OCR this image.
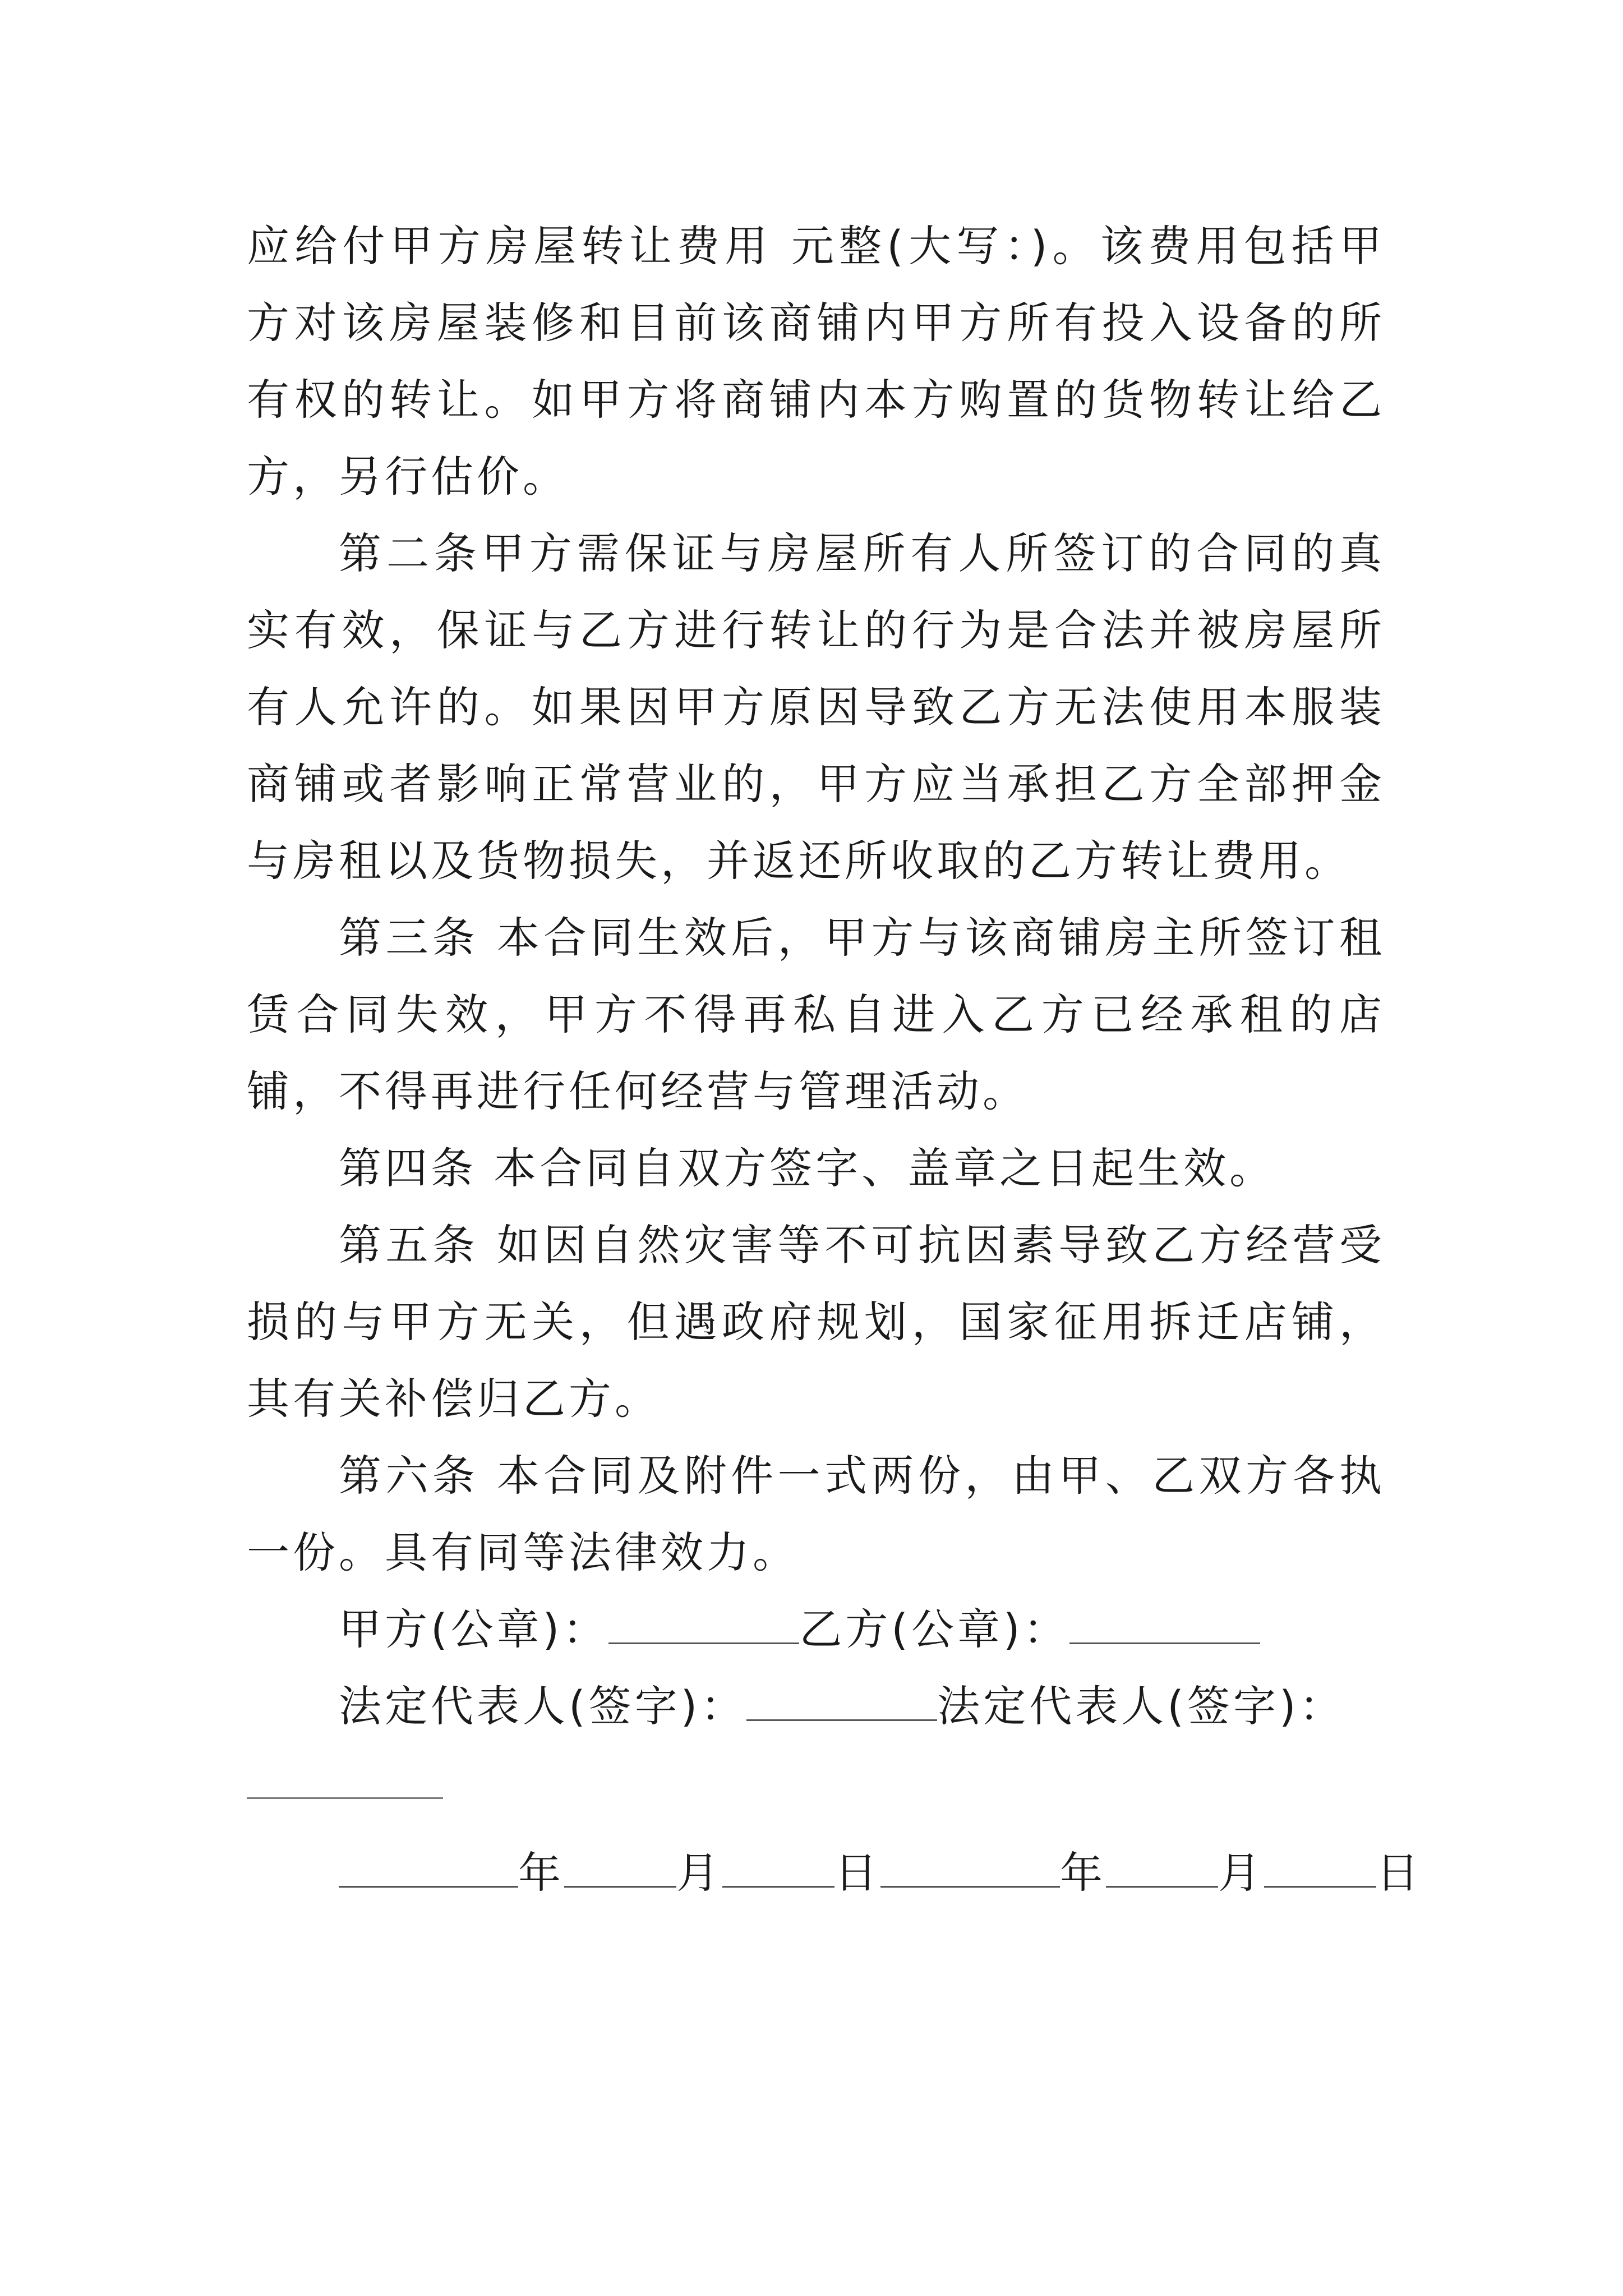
应给付甲方房屋转让费用 元整(大写：)。该费用包括甲方对该房屋装修和目前该商铺内甲方所有投入设备的所有权的转让。如甲方将商铺内本方购置的货物转让给乙方，另行估价。

第二条甲方需保证与房屋所有人所签订的合同的真实有效，保证与乙方进行转让的行为是合法并被房屋所有人允许的。如果因甲方原因导致乙方无法使用本服装商铺或者影响正常营业的，甲方应当承担乙方全部押金与房租以及货物损失，并返还所收取的乙方转让费用。

第三条 本合同生效后，甲方与该商铺房主所签订租赁合同失效，甲方不得再私自进入乙方已经承租的店铺，不得再进行任何经营与管理活动。

第四条 本合同自双方签字、盖章之日起生效。

第五条 如因自然灾害等不可抗因素导致乙方经营受损的与甲方无关，但遇政府规划，国家征用拆迁店铺，其有关补偿归乙方。

第六条 本合同及附件一式两份，由甲、乙双方各执一份。具有同等法律效力。

甲方(公章)：	乙方(公章)：

法定代表人(签字)：	法定代表人(签字)：

年	月	日	年	月	日
